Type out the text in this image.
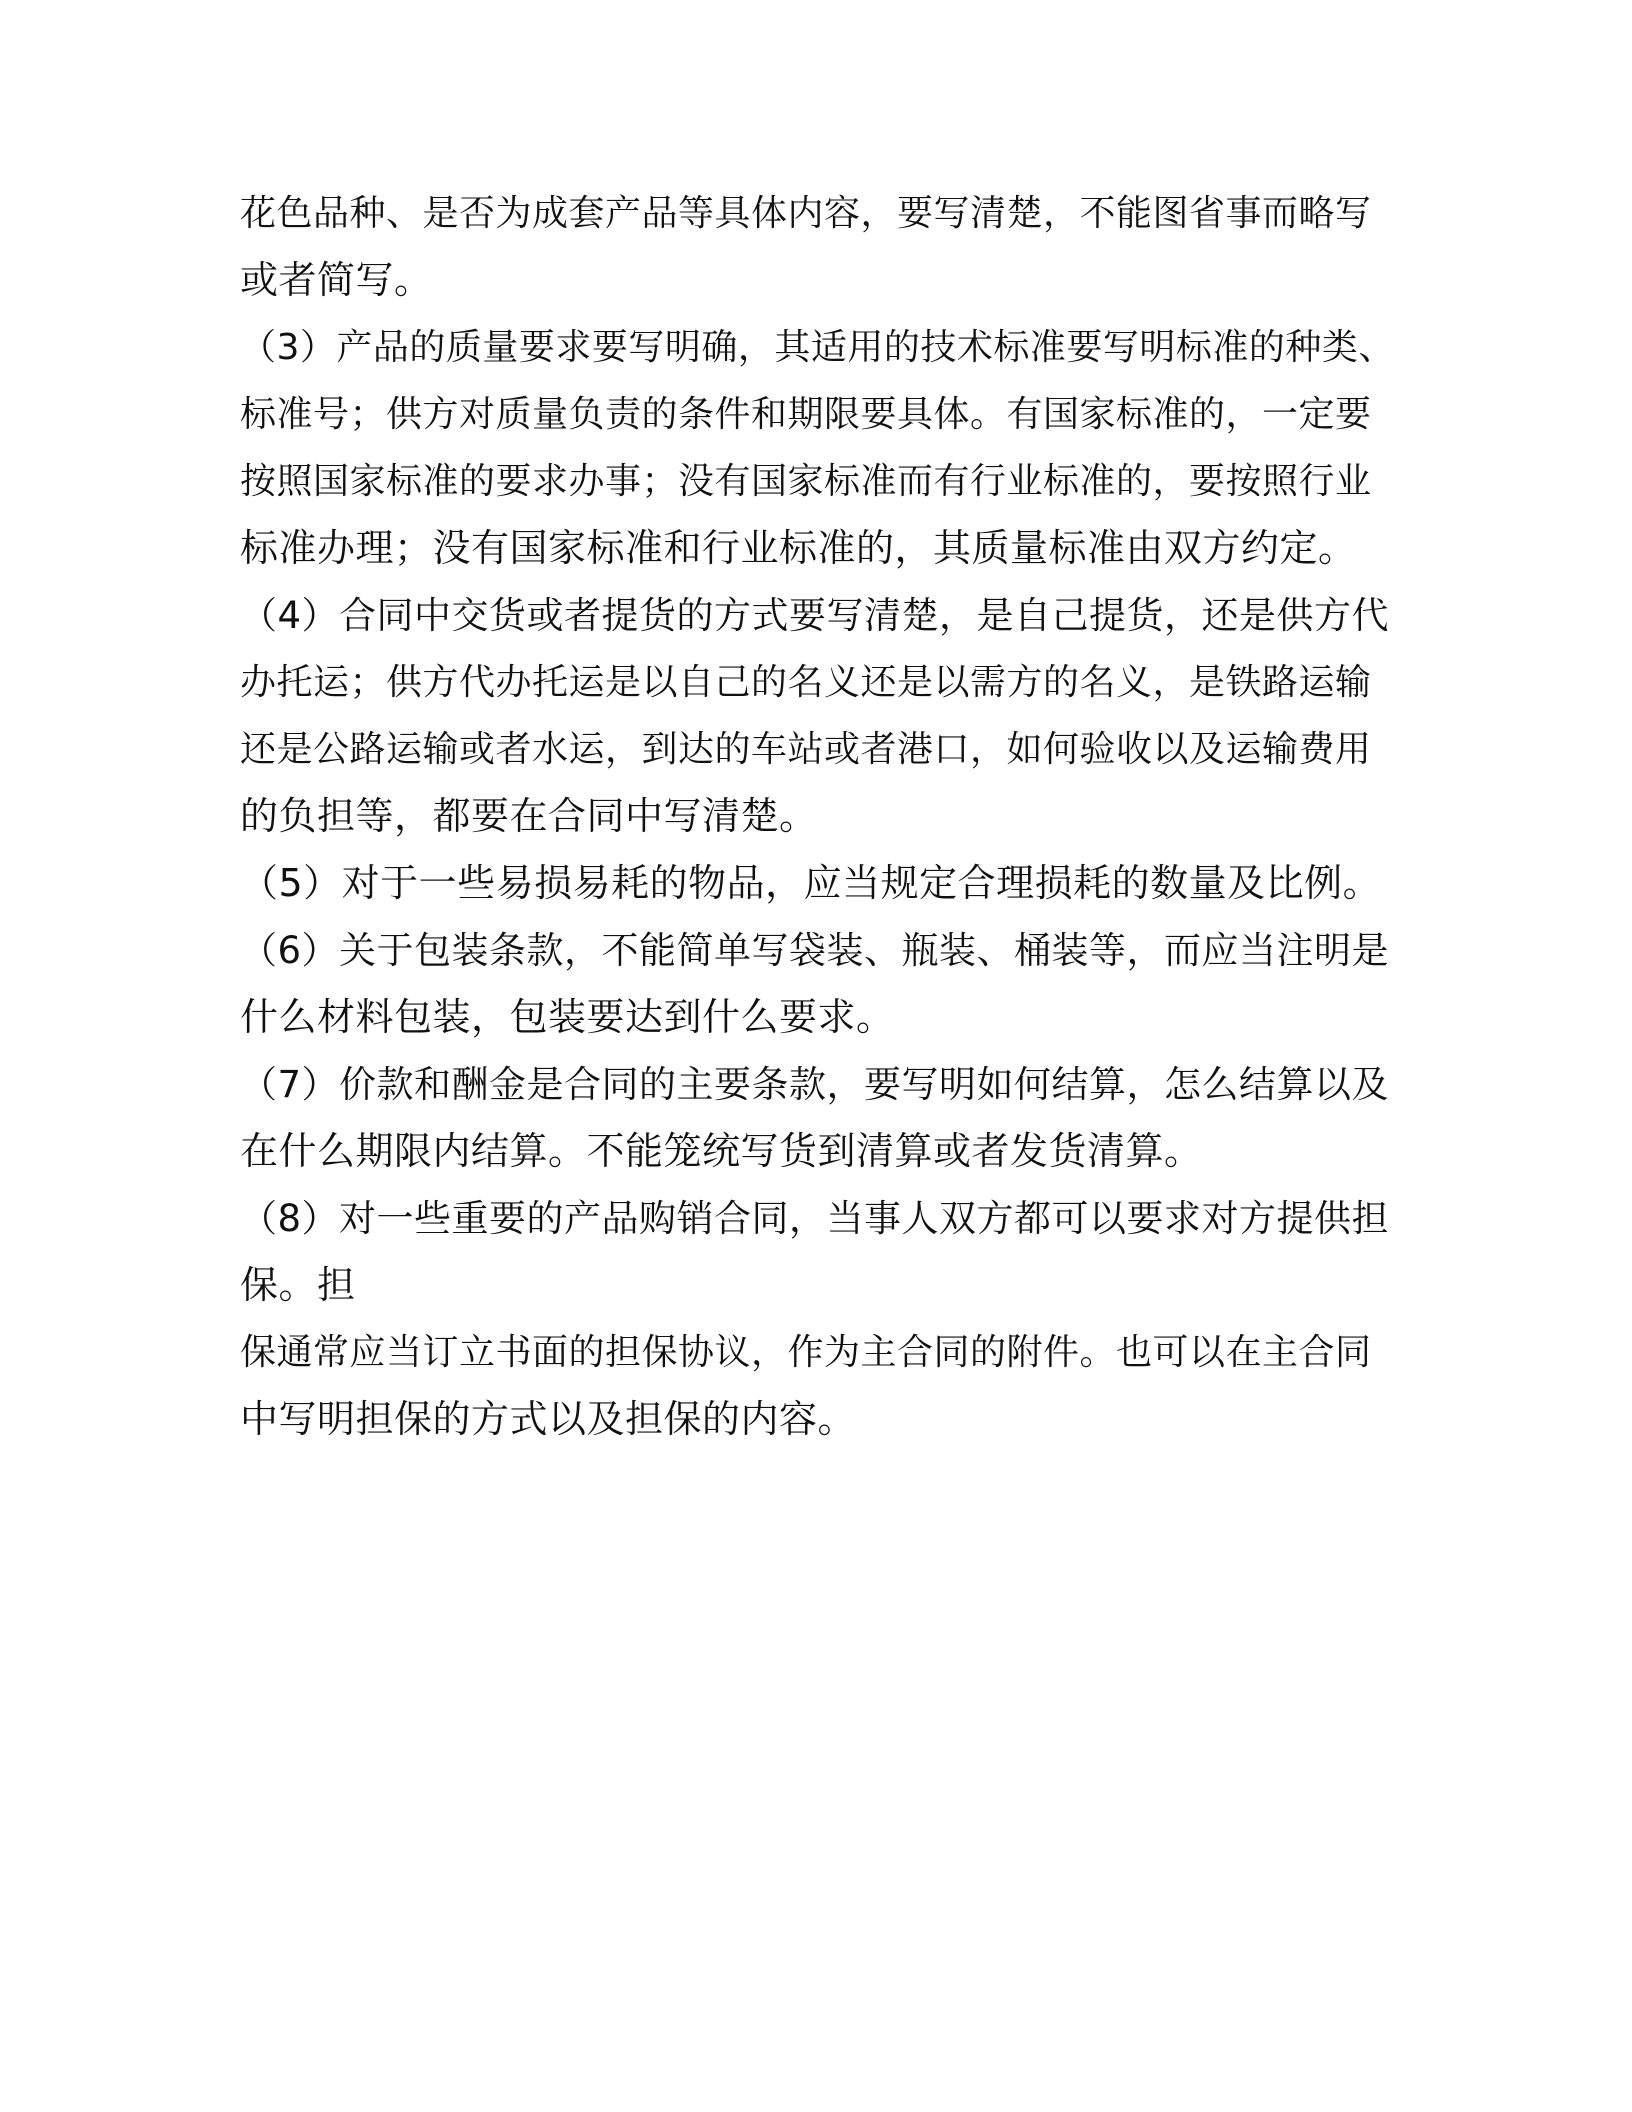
花色品种、是否为成套产品等具体内容，要写清楚，不能图省事而略写
或者简写。
（3）产品的质量要求要写明确，其适用的技术标准要写明标准的种类、
标准号；供方对质量负责的条件和期限要具体。有国家标准的，一定要
按照国家标准的要求办事；没有国家标准而有行业标准的，要按照行业
标准办理；没有国家标准和行业标准的，其质量标准由双方约定。
（4）合同中交货或者提货的方式要写清楚，是自己提货，还是供方代
办托运；供方代办托运是以自己的名义还是以需方的名义，是铁路运输
还是公路运输或者水运，到达的车站或者港口，如何验收以及运输费用
的负担等，都要在合同中写清楚。
（5）对于一些易损易耗的物品，应当规定合理损耗的数量及比例。
（6）关于包装条款，不能简单写袋装、瓶装、桶装等，而应当注明是
什么材料包装，包装要达到什么要求。
（7）价款和酬金是合同的主要条款，要写明如何结算，怎么结算以及
在什么期限内结算。不能笼统写货到清算或者发货清算。
（8）对一些重要的产品购销合同，当事人双方都可以要求对方提供担
保。担
保通常应当订立书面的担保协议，作为主合同的附件。也可以在主合同
中写明担保的方式以及担保的内容。
